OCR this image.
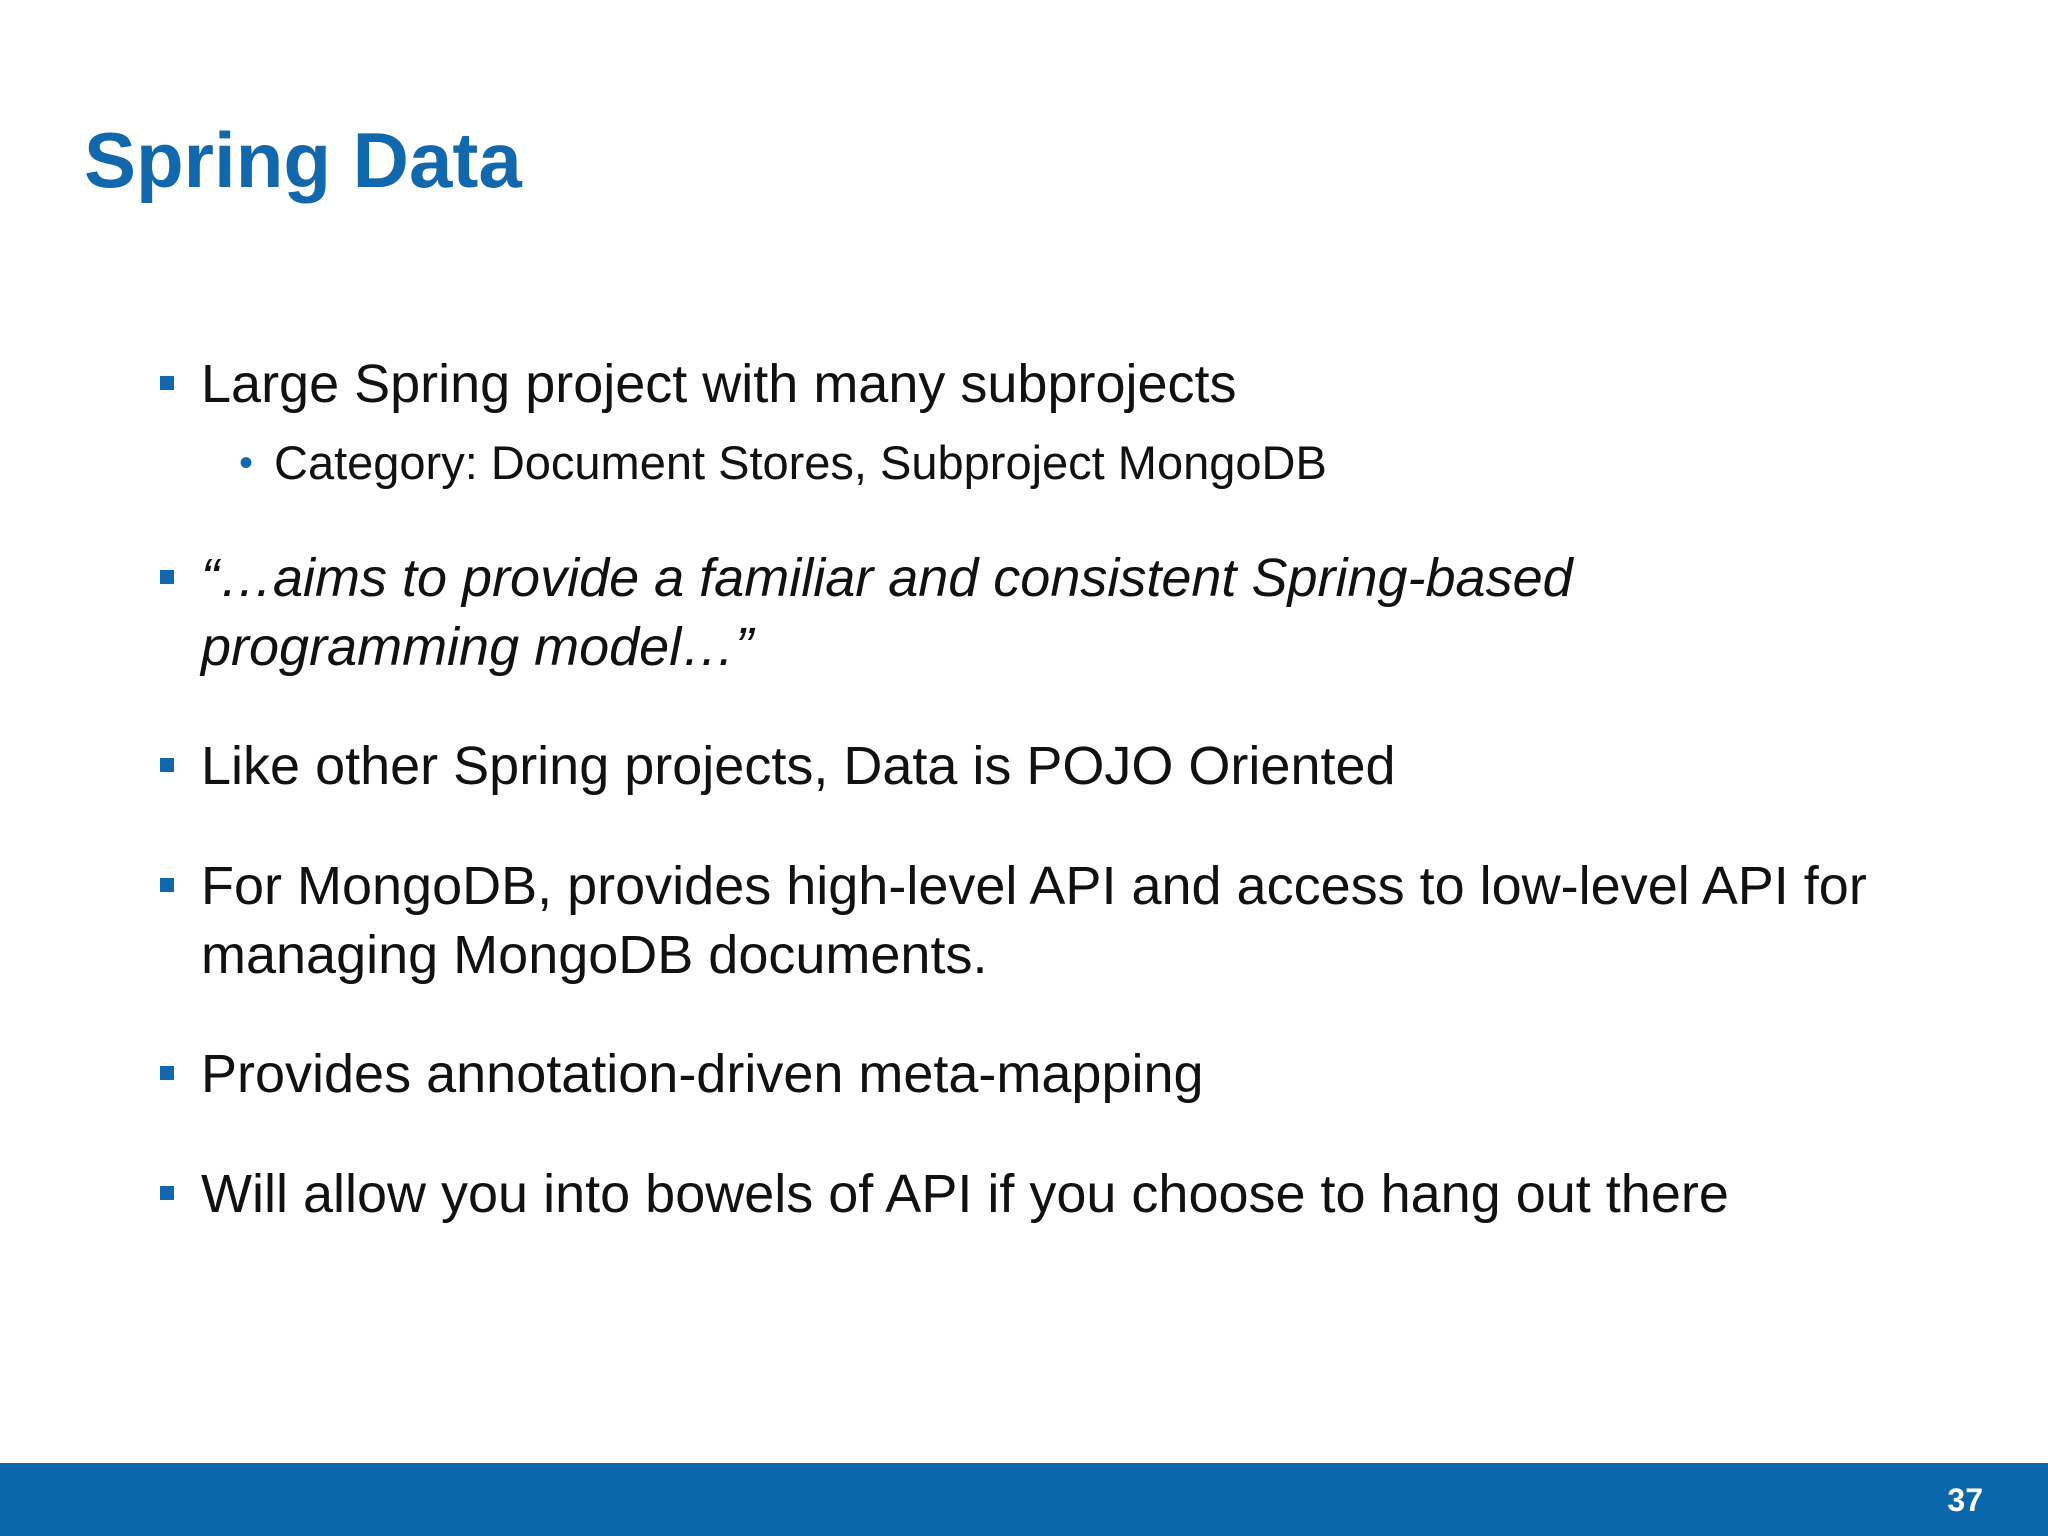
Spring Data
Large Spring project with many subprojects
• Category: Document Stores, Subproject MongoDB
“…aims to provide a familiar and consistent Spring-based programming model…”
Like other Spring projects, Data is POJO Oriented
For MongoDB, provides high-level API and access to low-level API for managing MongoDB documents.
Provides annotation-driven meta-mapping
Will allow you into bowels of API if you choose to hang out there
37
